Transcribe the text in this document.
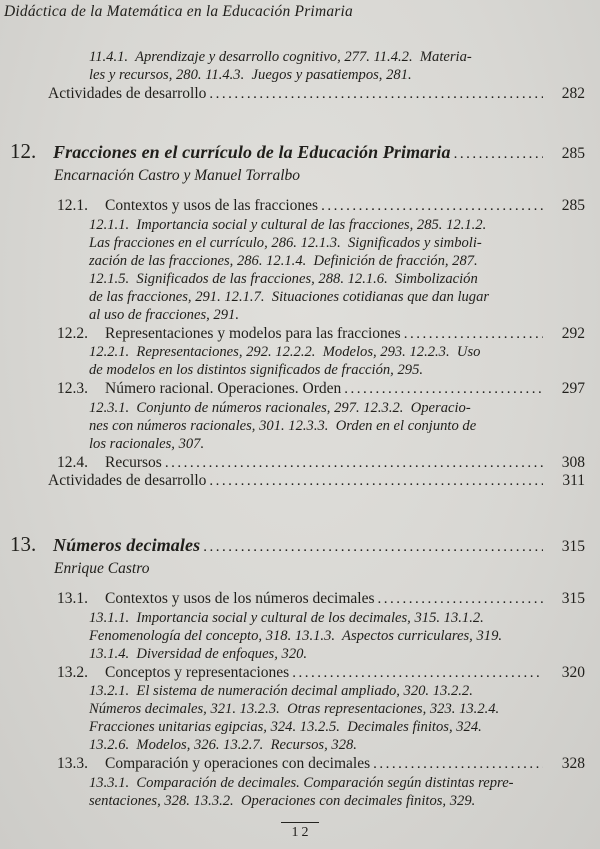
Didáctica de la Matemática en la Educación Primaria
11.4.1.  Aprendizaje y desarrollo cognitivo, 277. 11.4.2.  Materia-
les y recursos, 280. 11.4.3.  Juegos y pasatiempos, 281.
Actividades de desarrollo .....	282
12. Fracciones en el currículo de la Educación Primaria .....	285
Encarnación Castro y Manuel Torralbo
12.1.	Contextos y usos de las fracciones .....	285
12.1.1.  Importancia social y cultural de las fracciones, 285. 12.1.2.
Las fracciones en el currículo, 286. 12.1.3.  Significados y simboli-
zación de las fracciones, 286. 12.1.4.  Definición de fracción, 287.
12.1.5.  Significados de las fracciones, 288. 12.1.6.  Simbolización
de las fracciones, 291. 12.1.7.  Situaciones cotidianas que dan lugar
al uso de fracciones, 291.
12.2.	Representaciones y modelos para las fracciones .....	292
12.2.1.  Representaciones, 292. 12.2.2.  Modelos, 293. 12.2.3.  Uso
de modelos en los distintos significados de fracción, 295.
12.3.	Número racional. Operaciones. Orden .....	297
12.3.1.  Conjunto de números racionales, 297. 12.3.2.  Operacio-
nes con números racionales, 301. 12.3.3.  Orden en el conjunto de
los racionales, 307.
12.4.	Recursos .....	308
Actividades de desarrollo .....	311
13. Números decimales .....	315
Enrique Castro
13.1.	Contextos y usos de los números decimales .....	315
13.1.1.  Importancia social y cultural de los decimales, 315. 13.1.2.
Fenomenología del concepto, 318. 13.1.3.  Aspectos curriculares, 319.
13.1.4.  Diversidad de enfoques, 320.
13.2.	Conceptos y representaciones .....	320
13.2.1.  El sistema de numeración decimal ampliado, 320. 13.2.2.
Números decimales, 321. 13.2.3.  Otras representaciones, 323. 13.2.4.
Fracciones unitarias egipcias, 324. 13.2.5.  Decimales finitos, 324.
13.2.6.  Modelos, 326. 13.2.7.  Recursos, 328.
13.3.	Comparación y operaciones con decimales .....	328
13.3.1.  Comparación de decimales. Comparación según distintas repre-
sentaciones, 328. 13.3.2.  Operaciones con decimales finitos, 329.
12
